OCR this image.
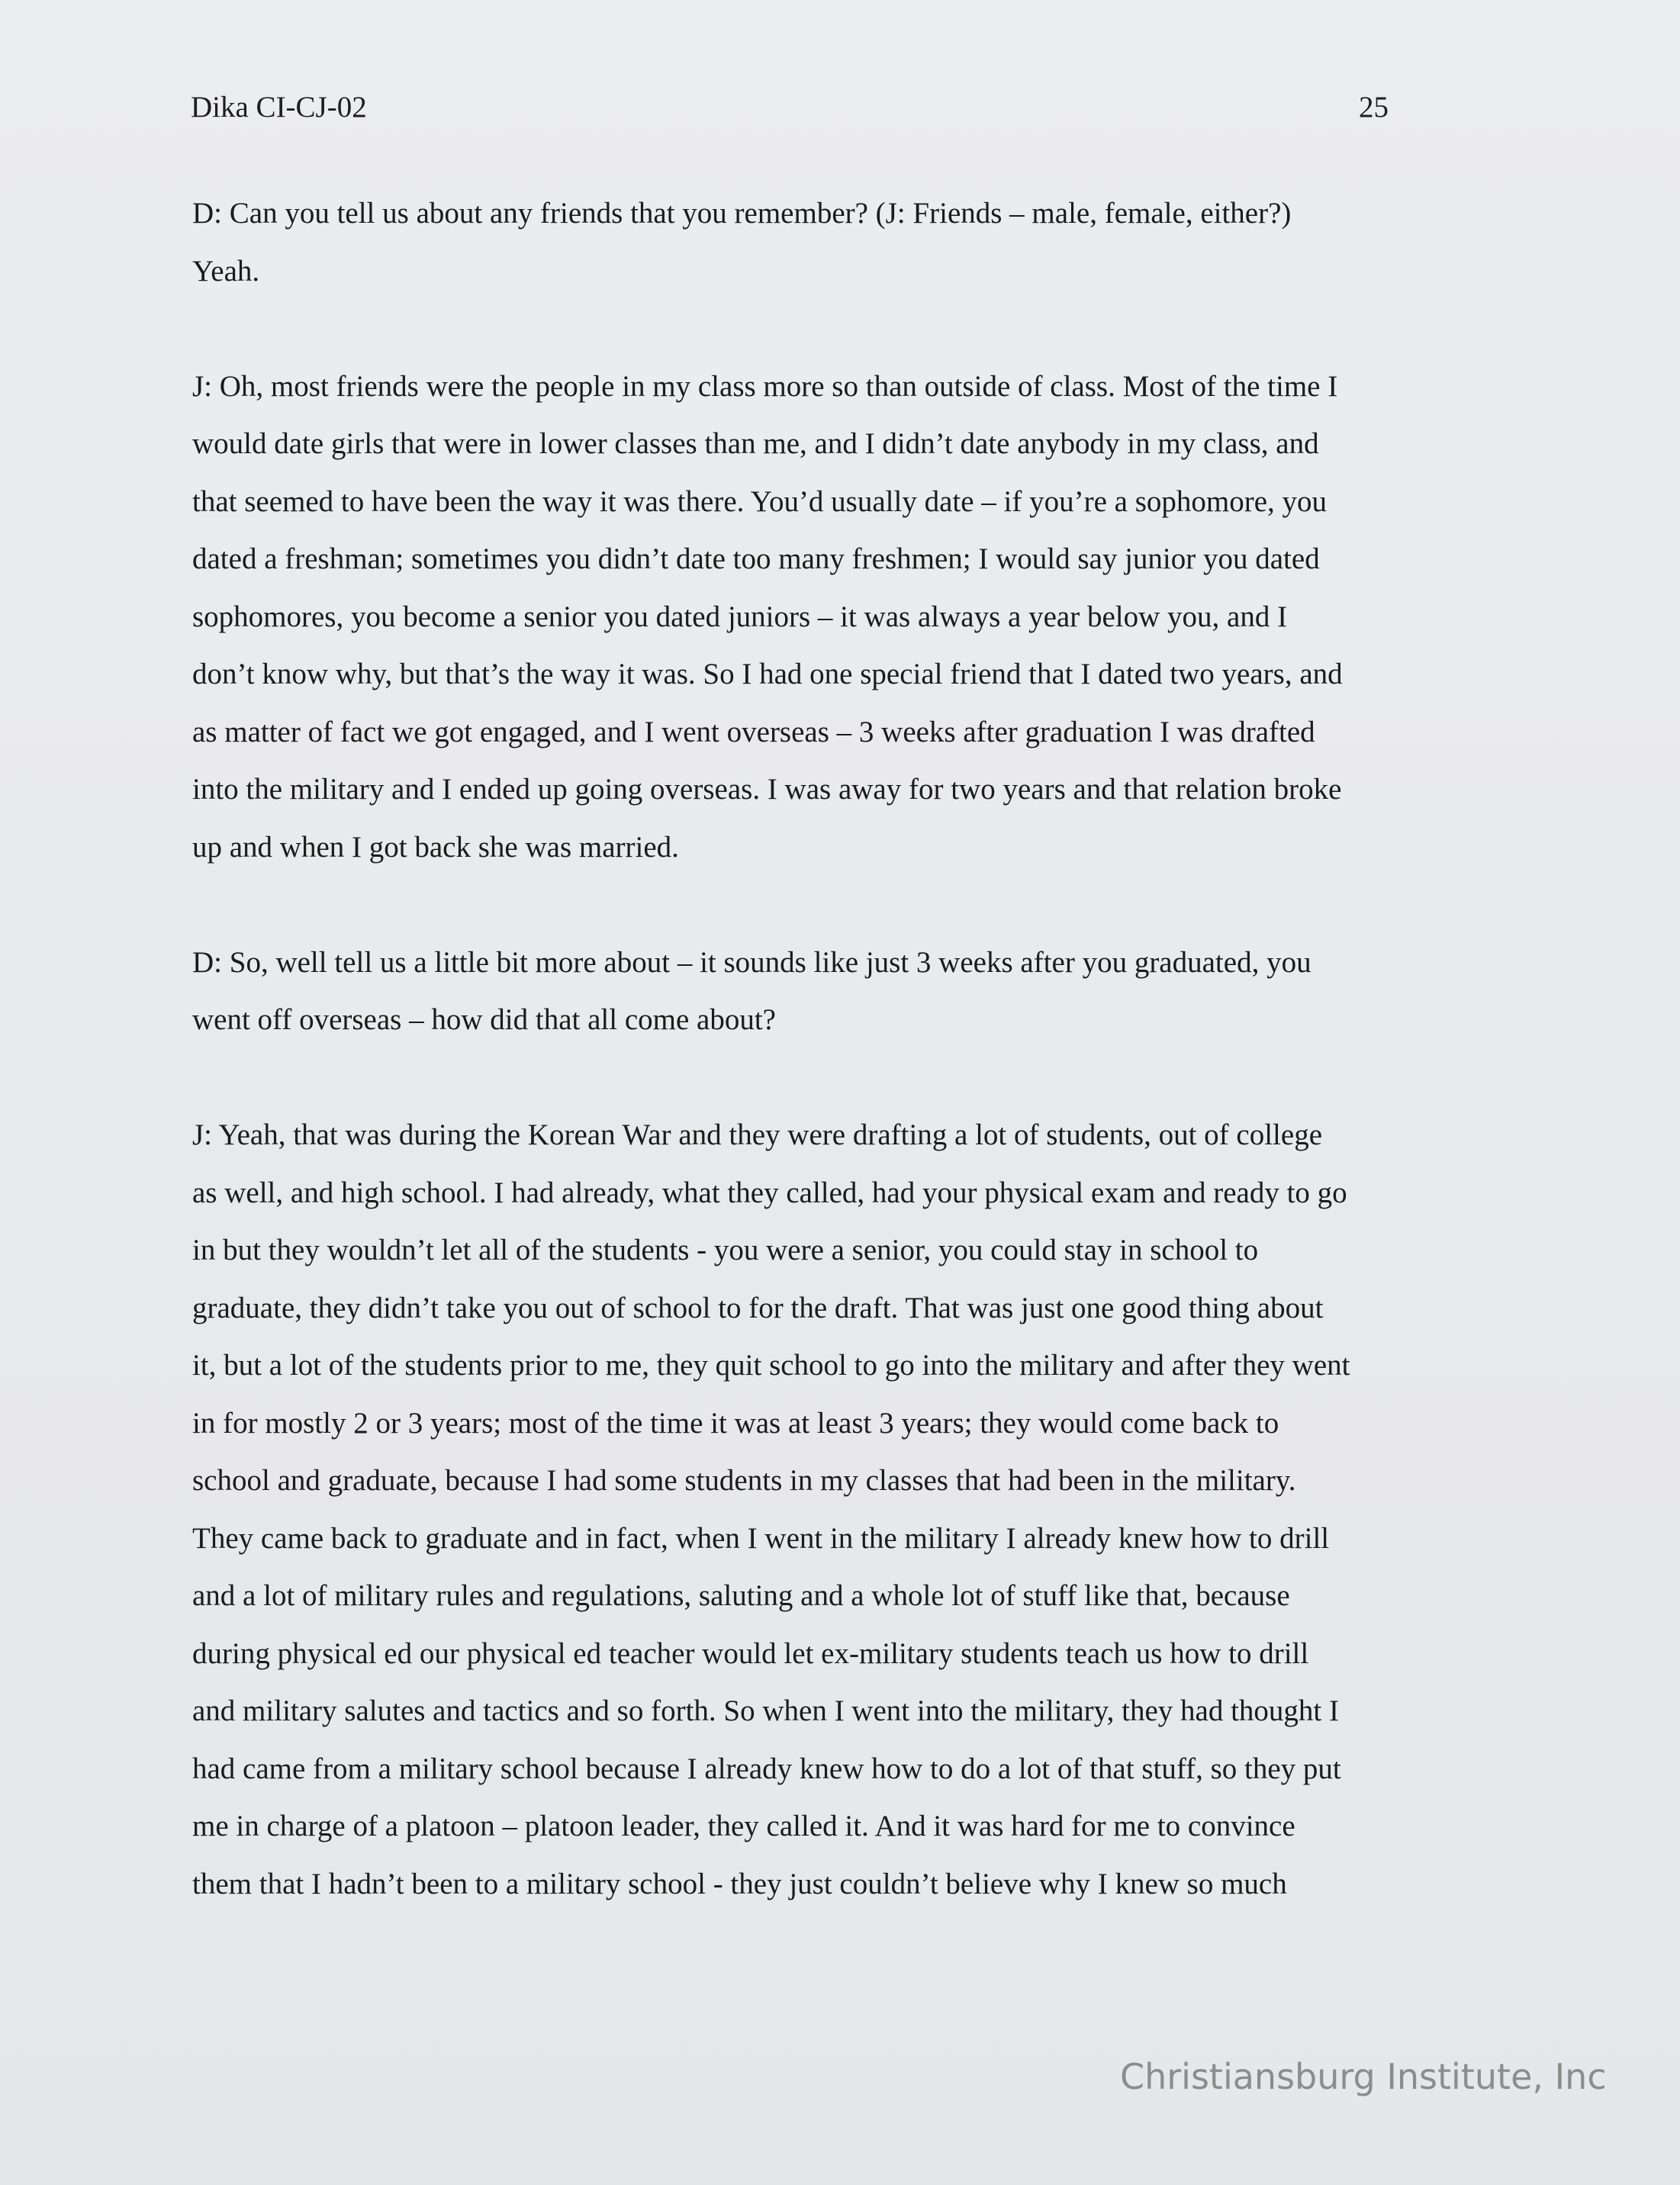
Dika CI-CJ-02	25

D: Can you tell us about any friends that you remember? (J: Friends – male, female, either?)
Yeah.

J: Oh, most friends were the people in my class more so than outside of class. Most of the time I
would date girls that were in lower classes than me, and I didn’t date anybody in my class, and
that seemed to have been the way it was there. You’d usually date – if you’re a sophomore, you
dated a freshman; sometimes you didn’t date too many freshmen; I would say junior you dated
sophomores, you become a senior you dated juniors – it was always a year below you, and I
don’t know why, but that’s the way it was. So I had one special friend that I dated two years, and
as matter of fact we got engaged, and I went overseas – 3 weeks after graduation I was drafted
into the military and I ended up going overseas. I was away for two years and that relation broke
up and when I got back she was married.

D: So, well tell us a little bit more about – it sounds like just 3 weeks after you graduated, you
went off overseas – how did that all come about?

J: Yeah, that was during the Korean War and they were drafting a lot of students, out of college
as well, and high school. I had already, what they called, had your physical exam and ready to go
in but they wouldn’t let all of the students - you were a senior, you could stay in school to
graduate, they didn’t take you out of school to for the draft. That was just one good thing about
it, but a lot of the students prior to me, they quit school to go into the military and after they went
in for mostly 2 or 3 years; most of the time it was at least 3 years; they would come back to
school and graduate, because I had some students in my classes that had been in the military.
They came back to graduate and in fact, when I went in the military I already knew how to drill
and a lot of military rules and regulations, saluting and a whole lot of stuff like that, because
during physical ed our physical ed teacher would let ex-military students teach us how to drill
and military salutes and tactics and so forth. So when I went into the military, they had thought I
had came from a military school because I already knew how to do a lot of that stuff, so they put
me in charge of a platoon – platoon leader, they called it. And it was hard for me to convince
them that I hadn’t been to a military school - they just couldn’t believe why I knew so much

Christiansburg Institute, Inc
